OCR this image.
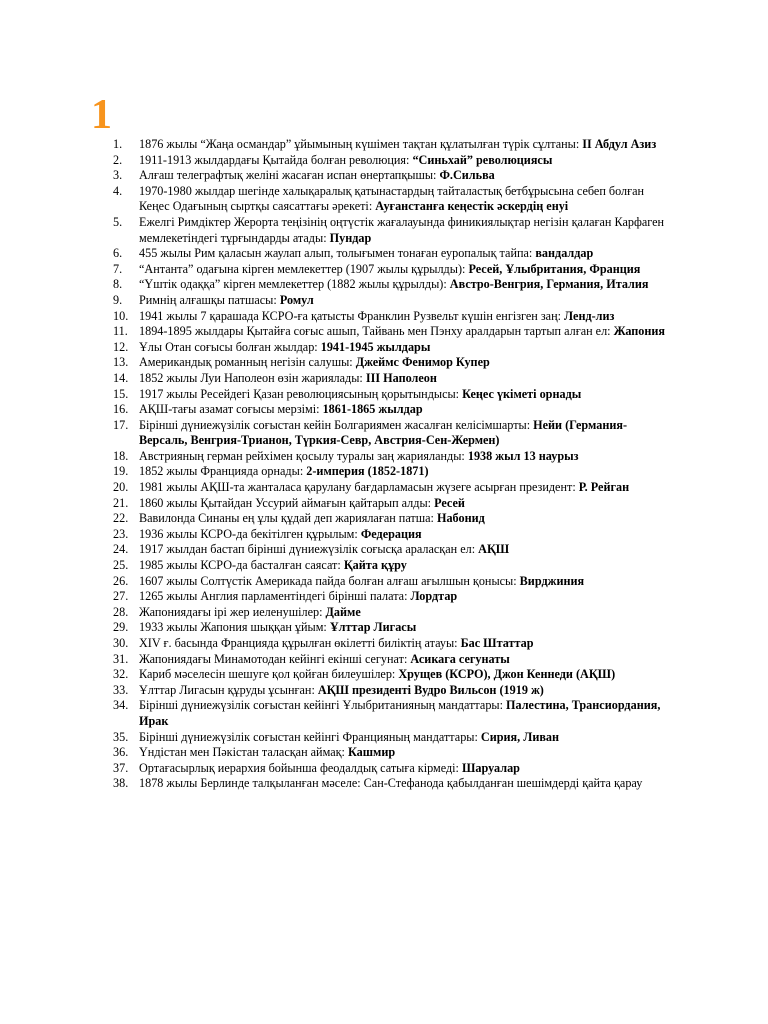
1
1.	1876 жылы “Жаңа османдар” ұйымының күшімен тақтан құлатылған түрік сұлтаны: II Абдул Азиз
2.	1911-1913 жылдардағы Қытайда болған революция: “Синьхай” революциясы
3.	Алғаш телеграфтық желіні жасаған испан өнертапқышы: Ф.Сильва
4.	1970-1980 жылдар шегінде халықаралық қатынастардың тайталастық бетбұрысына себеп болған Кеңес Одағының сыртқы саясаттағы әрекеті: Ауғанстанға кеңестік әскердің енуі
5.	Ежелгі Римдіктер Жерорта теңізінің оңтүстік жағалауында финикиялықтар негізін қалаған Карфаген мемлекетіндегі тұрғындарды атады: Пундар
6.	455 жылы Рим қаласын жаулап алып, толығымен тонаған еуропалық тайпа: вандалдар
7.	“Антанта” одағына кірген мемлекеттер (1907 жылы құрылды): Ресей, Ұлыбритания, Франция
8.	“Үштік одаққа” кірген мемлекеттер (1882 жылы құрылды): Австро-Венгрия, Германия, Италия
9.	Римнің алғашқы патшасы: Ромул
10. 1941 жылы 7 қарашада КСРО-ға қатысты Франклин Рузвельт күшін енгізген заң: Ленд-лиз
11. 1894-1895 жылдары Қытайға соғыс ашып, Тайвань мен Пэнху аралдарын тартып алған ел: Жапония
12. Ұлы Отан соғысы болған жылдар: 1941-1945 жылдары
13. Американдық романның негізін салушы: Джеймс Фенимор Купер
14. 1852 жылы Луи Наполеон өзін жариялады: III Наполеон
15. 1917 жылы Ресейдегі Қазан революциясының қорытындысы: Кеңес үкіметі орнады
16. АҚШ-тағы азамат соғысы мерзімі: 1861-1865 жылдар
17. Бірінші дүниежүзілік соғыстан кейін Болгариямен жасалған келісімшарты: Нейи (Германия-Версаль, Венгрия-Трианон, Түркия-Севр, Австрия-Сен-Жермен)
18. Австрияның герман рейхімен қосылу туралы заң жарияланды: 1938 жыл 13 наурыз
19. 1852 жылы Францияда орнады: 2-империя (1852-1871)
20. 1981 жылы АҚШ-та жанталаса қарулану бағдарламасын жүзеге асырған президент: Р. Рейган
21. 1860 жылы Қытайдан Уссурий аймағын қайтарып алды: Ресей
22. Вавилонда Синаны ең ұлы құдай деп жариялаған патша: Набонид
23. 1936 жылы КСРО-да бекітілген құрылым: Федерация
24. 1917 жылдан бастап бірінші дүниежүзілік соғысқа араласқан ел: АҚШ
25. 1985 жылы КСРО-да басталған саясат: Қайта құру
26. 1607 жылы Солтүстік Америкада пайда болған алғаш ағылшын қонысы: Вирджиния
27. 1265 жылы Англия парламентіндегі бірінші палата: Лордтар
28. Жапониядағы ірі жер иеленушілер: Дайме
29. 1933 жылы Жапония шыққан ұйым: Ұлттар Лигасы
30. XIV ғ. басында Францияда құрылған өкілетті биліктің атауы: Бас Штаттар
31. Жапониядағы Минамотодан кейінгі екінші сегунат: Асикага сегунаты
32. Кариб мәселесін шешуге қол қойған билеушілер: Хрущев (КСРО), Джон Кеннеди (АҚШ)
33. Ұлттар Лигасын құруды ұсынған: АҚШ президенті Вудро Вильсон (1919 ж)
34. Бірінші дүниежүзілік соғыстан кейінгі Ұлыбританияның мандаттары: Палестина, Трансиордания, Ирак
35. Бірінші дүниежүзілік соғыстан кейінгі Францияның мандаттары: Сирия, Ливан
36. Үндістан мен Пәкістан таласқан аймақ: Кашмир
37. Ортағасырлық иерархия бойынша феодалдық сатыға кірмеді: Шаруалар
38. 1878 жылы Берлинде талқыланған мәселе: Сан-Стефанода қабылданған шешімдерді қайта қарау
